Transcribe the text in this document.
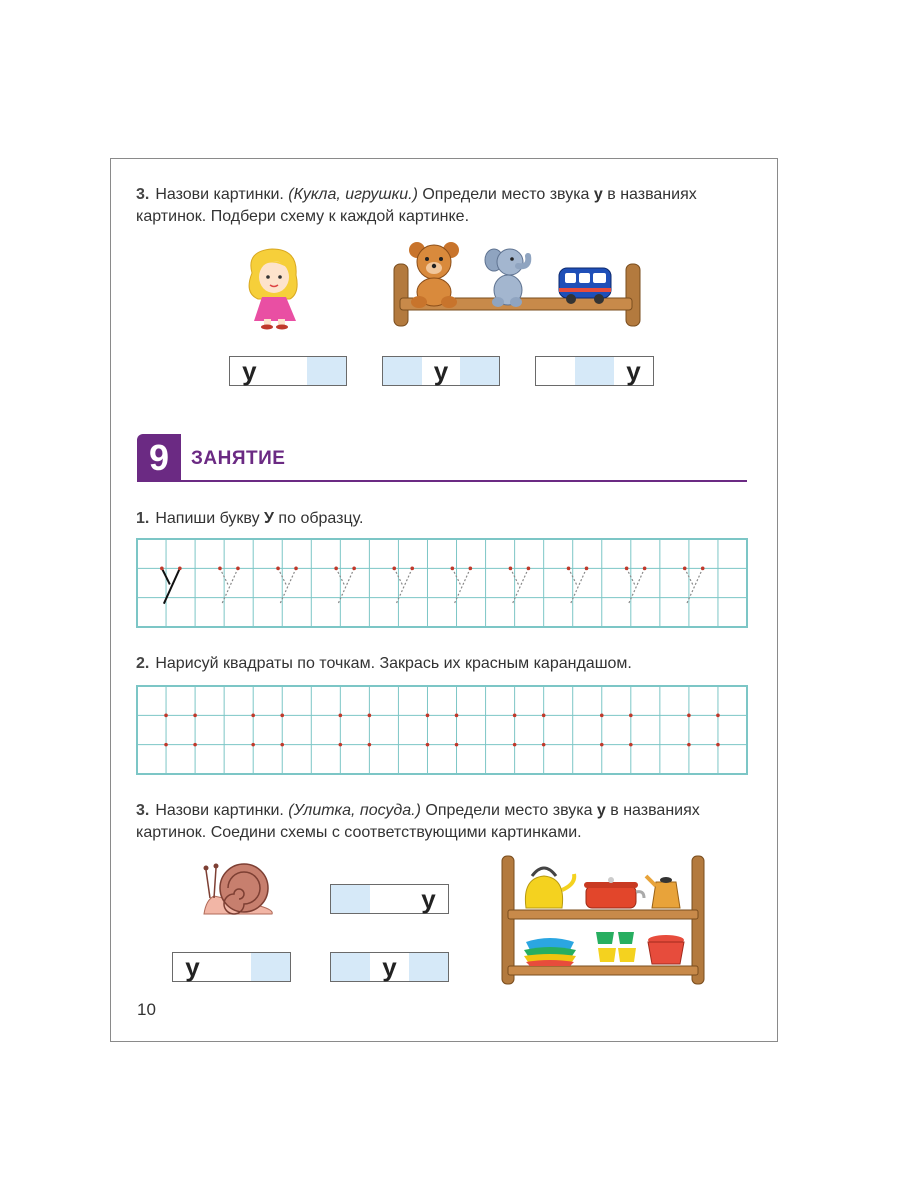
3. Назови картинки. (Кукла, игрушки.) Определи место звука у в названиях картинок. Подбери схему к каждой картинке.
у	у	у
9	ЗАНЯТИЕ
1. Напиши букву У по образцу.
2. Нарисуй квадраты по точкам. Закрась их красным карандашом.
3. Назови картинки. (Улитка, посуда.) Определи место звука у в названиях картинок. Соедини схемы с соответствующими картинками.
у
у	у
10
